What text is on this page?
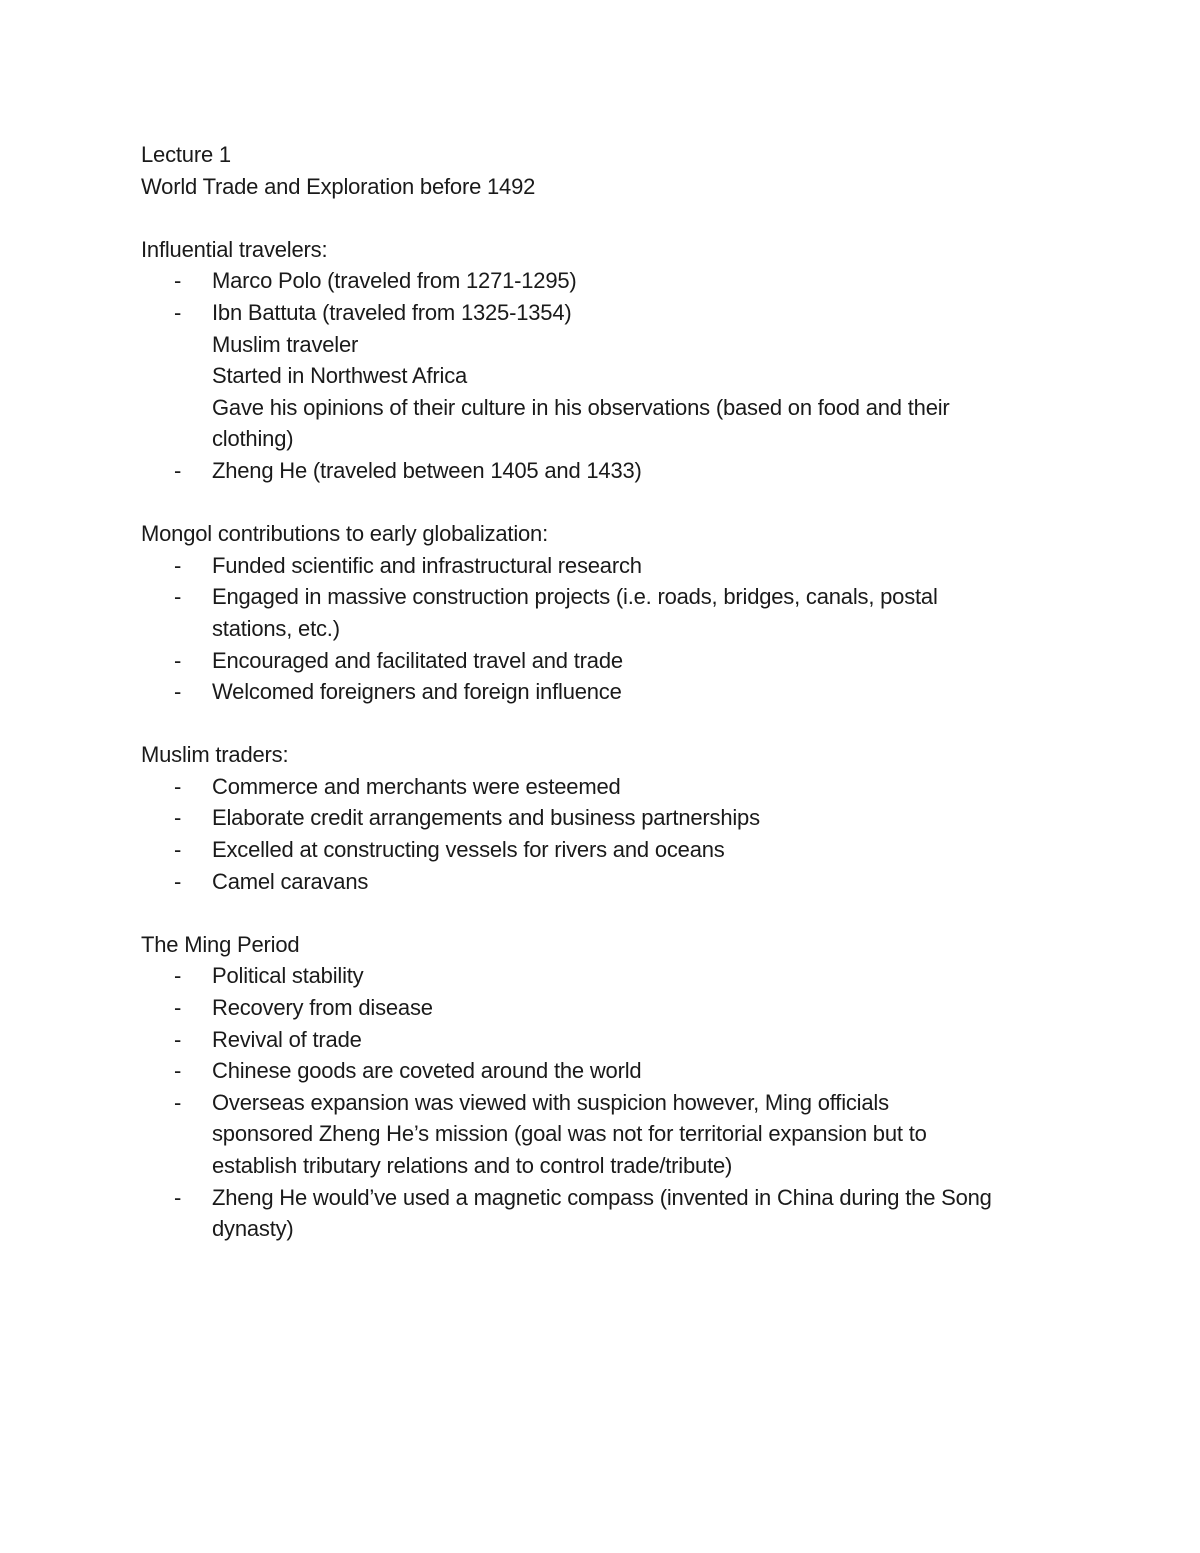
Lecture 1

World Trade and Exploration before 1492

Influential travelers:

- Marco Polo (traveled from 1271-1295)
- Ibn Battuta (traveled from 1325-1354)

Muslim traveler

Started in Northwest Africa

Gave his opinions of their culture in his observations (based on food and their

clothing)

- Zheng He (traveled between 1405 and 1433)

Mongol contributions to early globalization:

- Funded scientific and infrastructural research
- Engaged in massive construction projects (i.e. roads, bridges, canals, postal
stations, etc.)
- Encouraged and facilitated travel and trade
- Welcomed foreigners and foreign influence

Muslim traders:

- Commerce and merchants were esteemed
- Elaborate credit arrangements and business partnerships
- Excelled at constructing vessels for rivers and oceans
- Camel caravans

The Ming Period

- Political stability
- Recovery from disease
- Revival of trade
- Chinese goods are coveted around the world
- Overseas expansion was viewed with suspicion however, Ming officials
sponsored Zheng He’s mission (goal was not for territorial expansion but to
establish tributary relations and to control trade/tribute)
- Zheng He would’ve used a magnetic compass (invented in China during the Song
dynasty)
